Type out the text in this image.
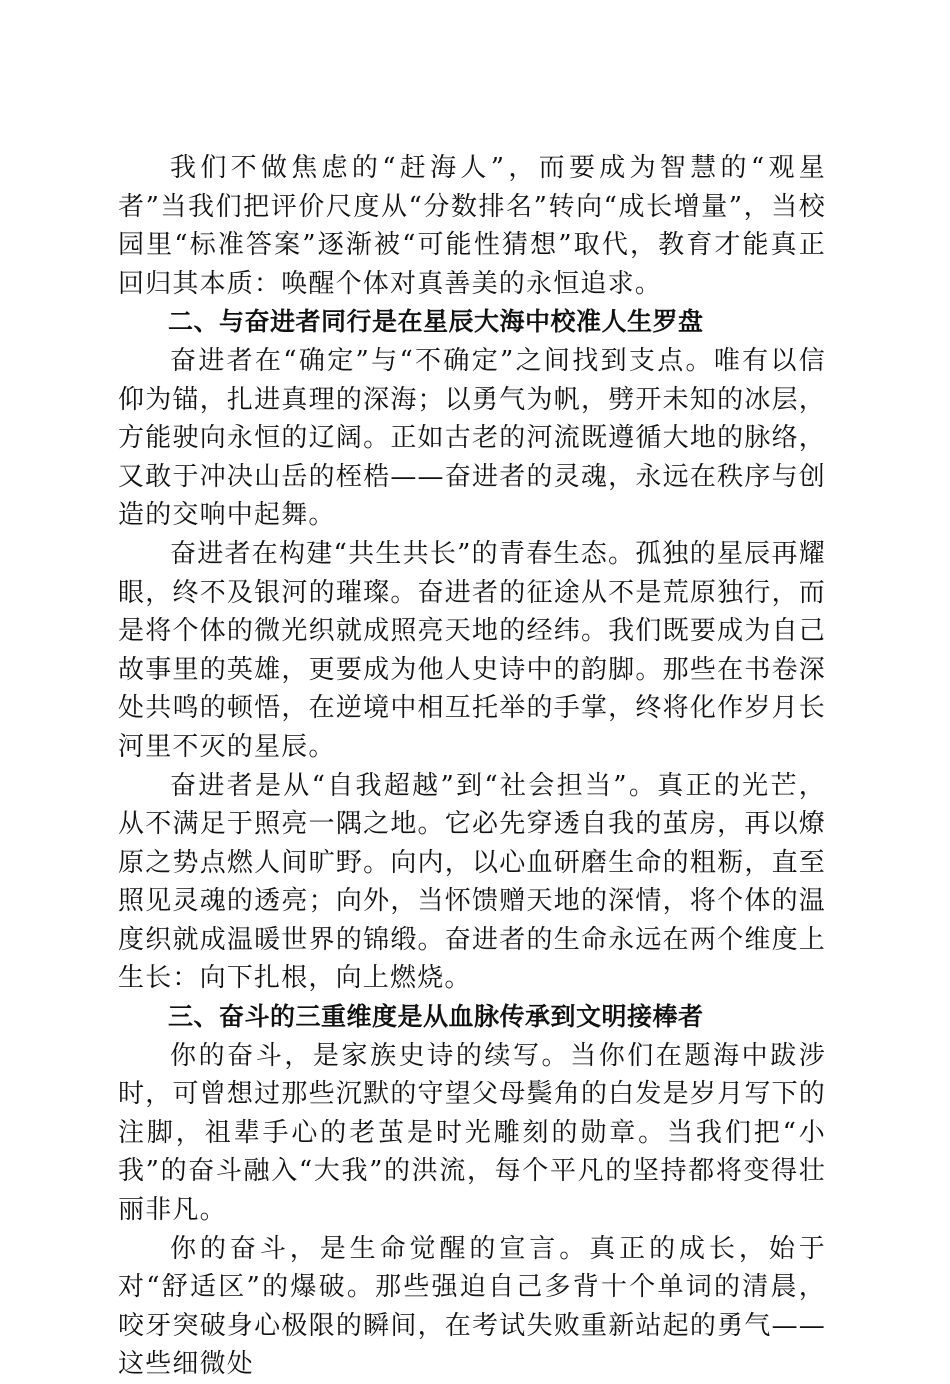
我们不做焦虑的“赶海人”，而要成为智慧的“观星者”当我们把评价尺度从“分数排名”转向“成长增量”，当校园里“标准答案”逐渐被“可能性猜想”取代，教育才能真正回归其本质：唤醒个体对真善美的永恒追求。

二、与奋进者同行是在星辰大海中校准人生罗盘

奋进者在“确定”与“不确定”之间找到支点。唯有以信仰为锚，扎进真理的深海；以勇气为帆，劈开未知的冰层，方能驶向永恒的辽阔。正如古老的河流既遵循大地的脉络，又敢于冲决山岳的桎梏——奋进者的灵魂，永远在秩序与创造的交响中起舞。

奋进者在构建“共生共长”的青春生态。孤独的星辰再耀眼，终不及银河的璀璨。奋进者的征途从不是荒原独行，而是将个体的微光织就成照亮天地的经纬。我们既要成为自己故事里的英雄，更要成为他人史诗中的韵脚。那些在书卷深处共鸣的顿悟，在逆境中相互托举的手掌，终将化作岁月长河里不灭的星辰。

奋进者是从“自我超越”到“社会担当”。真正的光芒，从不满足于照亮一隅之地。它必先穿透自我的茧房，再以燎原之势点燃人间旷野。向内，以心血研磨生命的粗粝，直至照见灵魂的透亮；向外，当怀馈赠天地的深情，将个体的温度织就成温暖世界的锦缎。奋进者的生命永远在两个维度上生长：向下扎根，向上燃烧。

三、奋斗的三重维度是从血脉传承到文明接棒者

你的奋斗，是家族史诗的续写。当你们在题海中跋涉时，可曾想过那些沉默的守望父母鬓角的白发是岁月写下的注脚，祖辈手心的老茧是时光雕刻的勋章。当我们把“小我”的奋斗融入“大我”的洪流，每个平凡的坚持都将变得壮丽非凡。

你的奋斗，是生命觉醒的宣言。真正的成长，始于对“舒适区”的爆破。那些强迫自己多背十个单词的清晨，咬牙突破身心极限的瞬间，在考试失败重新站起的勇气——这些细微处
